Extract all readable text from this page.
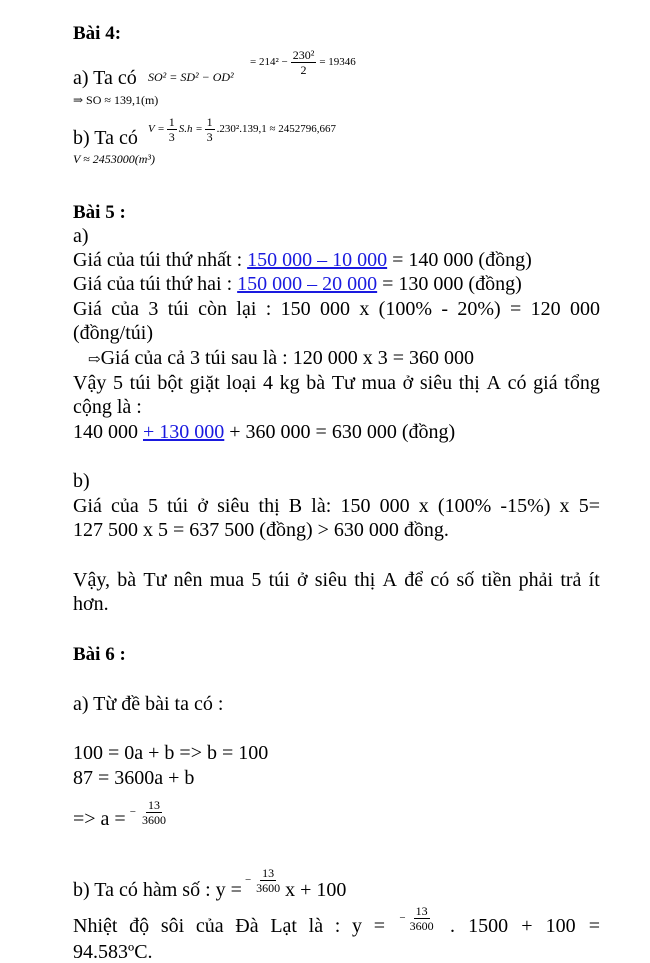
Bài 4:
a) Ta có SO² = SD² − OD²
= $214^2 - \frac{\text{230²}}{2} = 19346$
⇒ SO ≈ 139,1(m)
b) Ta có $V = \frac{1}{3} S.h = \frac{1}{3} .230^2.139,1 \approx 2452796,667$
V ≈ 2453000(m³)
Bài 5 :
a)
Giá của túi thứ nhất : 150 000 – 10 000 = 140 000 (đồng)
Giá của túi thứ hai : 150 000 – 20 000 = 130 000 (đồng)
Giá của 3 túi còn lại : 150 000 x (100% - 20%) = 120 000
(đồng/túi)
⇨Giá của cả 3 túi sau là : 120 000 x 3 = 360 000
Vậy 5 túi bột giặt loại 4 kg bà Tư mua ở siêu thị A có giá tổng
cộng là :
140 000 + 130 000 + 360 000 = 630 000 (đồng)
b)
Giá của 5 túi ở siêu thị B là: 150 000 x (100% -15%) x 5=
127 500 x 5 = 637 500 (đồng) > 630 000 đồng.
Vậy, bà Tư nên mua 5 túi ở siêu thị A để có số tiền phải trả ít
hơn.
Bài 6 :
a) Từ đề bài ta có :
100 = 0a + b => b = 100
87 = 3600a + b
=> a = − $\frac{13}{3600}$
b) Ta có hàm số : y = − $\frac{13}{3600}$ x + 100
Nhiệt độ sôi của Đà Lạt là : y = − $\frac{13}{3600}$ . 1500 + 100 =
94.583ºC.
